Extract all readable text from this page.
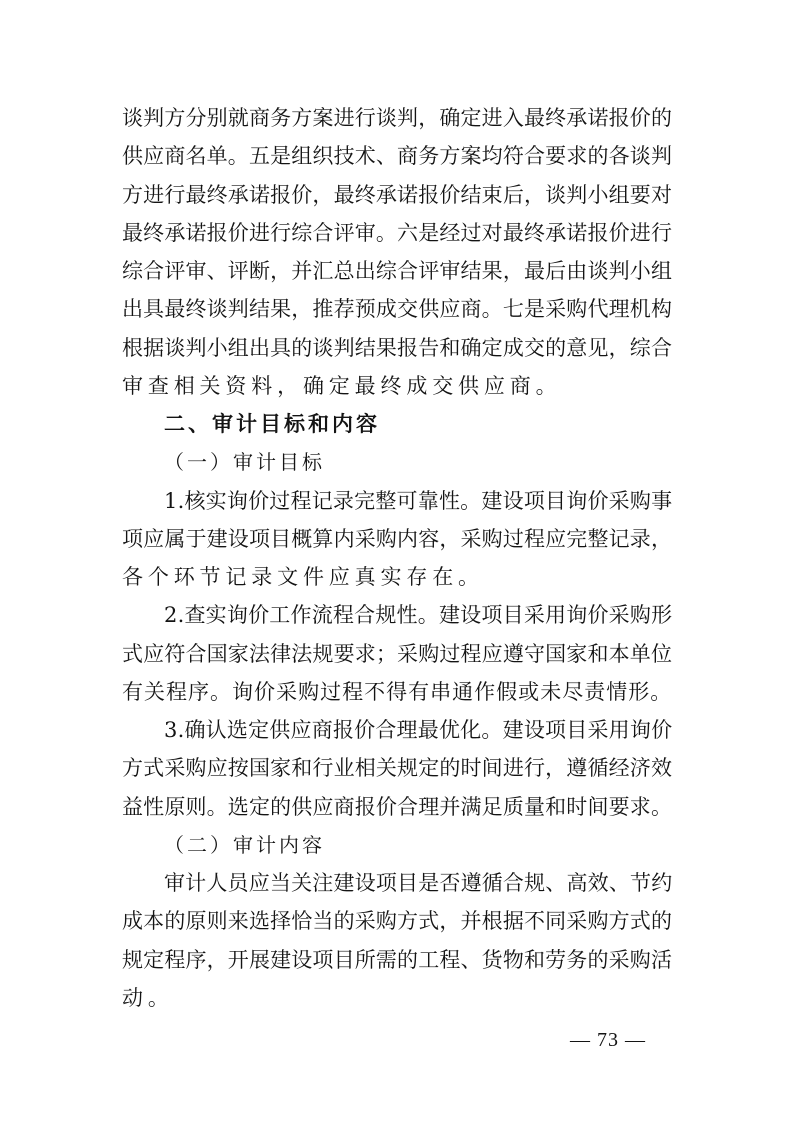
谈判方分别就商务方案进行谈判，确定进入最终承诺报价的
供应商名单。五是组织技术、商务方案均符合要求的各谈判
方进行最终承诺报价，最终承诺报价结束后，谈判小组要对
最终承诺报价进行综合评审。六是经过对最终承诺报价进行
综合评审、评断，并汇总出综合评审结果，最后由谈判小组
出具最终谈判结果，推荐预成交供应商。七是采购代理机构
根据谈判小组出具的谈判结果报告和确定成交的意见，综合
审查相关资料，确定最终成交供应商。
二、审计目标和内容
（一）审计目标
1.核实询价过程记录完整可靠性。建设项目询价采购事
项应属于建设项目概算内采购内容，采购过程应完整记录，
各个环节记录文件应真实存在。
2.查实询价工作流程合规性。建设项目采用询价采购形
式应符合国家法律法规要求；采购过程应遵守国家和本单位
有关程序。询价采购过程不得有串通作假或未尽责情形。
3.确认选定供应商报价合理最优化。建设项目采用询价
方式采购应按国家和行业相关规定的时间进行，遵循经济效
益性原则。选定的供应商报价合理并满足质量和时间要求。
（二）审计内容
审计人员应当关注建设项目是否遵循合规、高效、节约
成本的原则来选择恰当的采购方式，并根据不同采购方式的
规定程序，开展建设项目所需的工程、货物和劳务的采购活
动。
— 73 —
